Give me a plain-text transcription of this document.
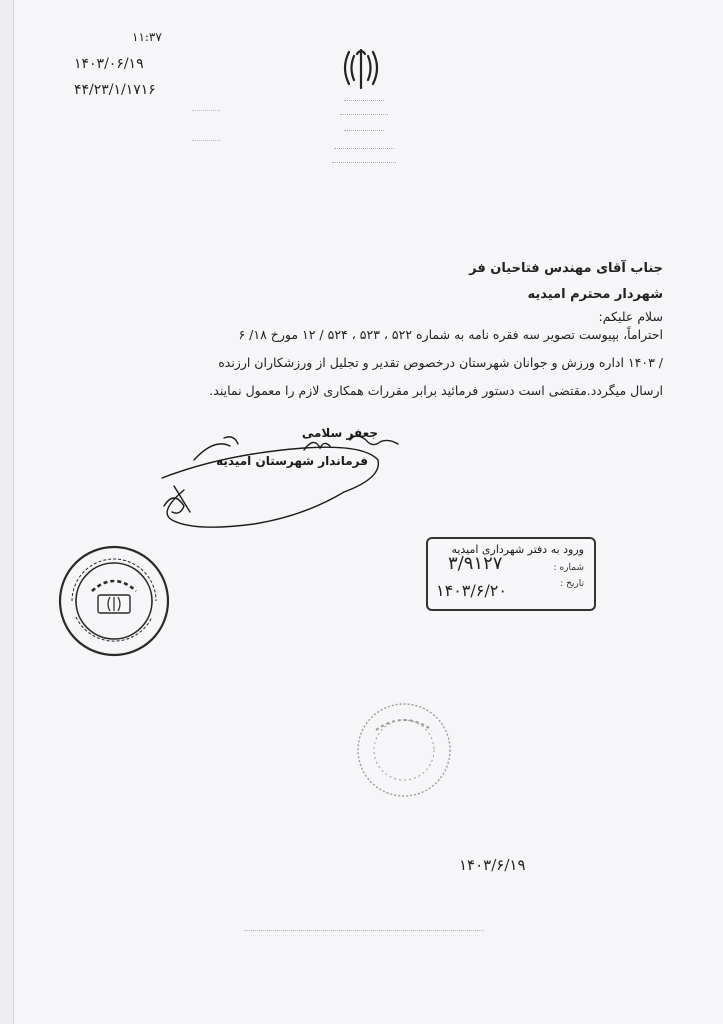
۱۱:۳۷
۱۴۰۳/۰۶/۱۹
۴۴/۲۳/۱/۱۷۱۶
جناب آقای مهندس فتاحیان فر
شهردار محترم امیدیه
سلام علیکم:
احتراماً، بپیوست تصویر سه فقره نامه به شماره ۵۲۲ ، ۵۲۳ ، ۵۲۴ / ۱۲ مورخ ۱۸/ ۶
/ ۱۴۰۳ اداره ورزش و جوانان شهرستان درخصوص تقدیر و تجلیل از ورزشکاران ارزنده
ارسال میگردد.مقتضی است دستور فرمائید برابر مقررات همکاری لازم را معمول نمایند.
جعفر سلامی
فرماندار شهرستان امیدیه
ورود به دفتر شهرداری امیدیه
شماره :
تاریخ :
۳/۹۱۲۷
۱۴۰۳/۶/۲۰
۱۴۰۳/۶/۱۹
